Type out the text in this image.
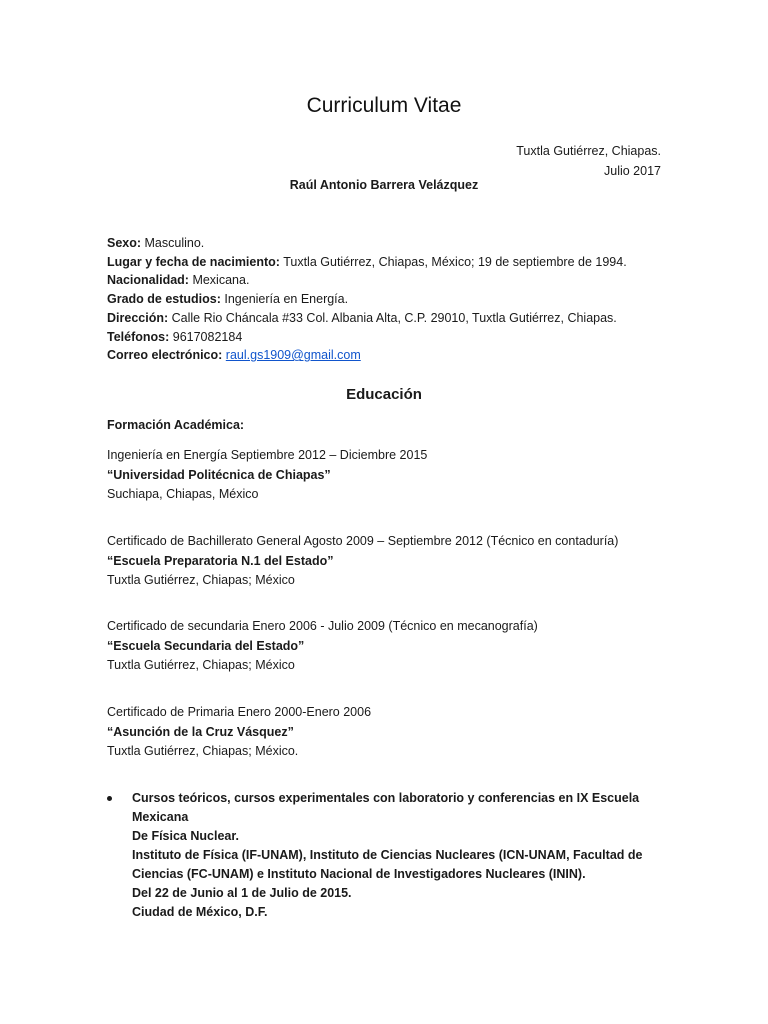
Curriculum Vitae
Tuxtla Gutiérrez, Chiapas.
Julio 2017
Raúl Antonio Barrera Velázquez
Sexo: Masculino.
Lugar y fecha de nacimiento: Tuxtla Gutiérrez, Chiapas, México; 19 de septiembre de 1994.
Nacionalidad: Mexicana.
Grado de estudios: Ingeniería en Energía.
Dirección: Calle Rio Cháncala #33 Col. Albania Alta, C.P. 29010, Tuxtla Gutiérrez, Chiapas.
Teléfonos: 9617082184
Correo electrónico: raul.gs1909@gmail.com
Educación
Formación Académica:
Ingeniería en Energía Septiembre 2012 – Diciembre 2015
“Universidad Politécnica de Chiapas”
Suchiapa, Chiapas, México
Certificado de Bachillerato General Agosto 2009 – Septiembre 2012 (Técnico en contaduría)
“Escuela Preparatoria N.1 del Estado”
Tuxtla Gutiérrez, Chiapas; México
Certificado de secundaria Enero 2006 - Julio 2009 (Técnico en mecanografía)
“Escuela Secundaria del Estado”
Tuxtla Gutiérrez, Chiapas; México
Certificado de Primaria Enero 2000-Enero 2006
“Asunción de la Cruz Vásquez”
Tuxtla Gutiérrez, Chiapas; México.
Cursos teóricos, cursos experimentales con laboratorio y conferencias en IX Escuela Mexicana
De Física Nuclear.
Instituto de Física (IF-UNAM), Instituto de Ciencias Nucleares (ICN-UNAM, Facultad de
Ciencias (FC-UNAM) e Instituto Nacional de Investigadores Nucleares (ININ).
Del 22 de Junio al 1 de Julio de 2015.
Ciudad de México, D.F.
